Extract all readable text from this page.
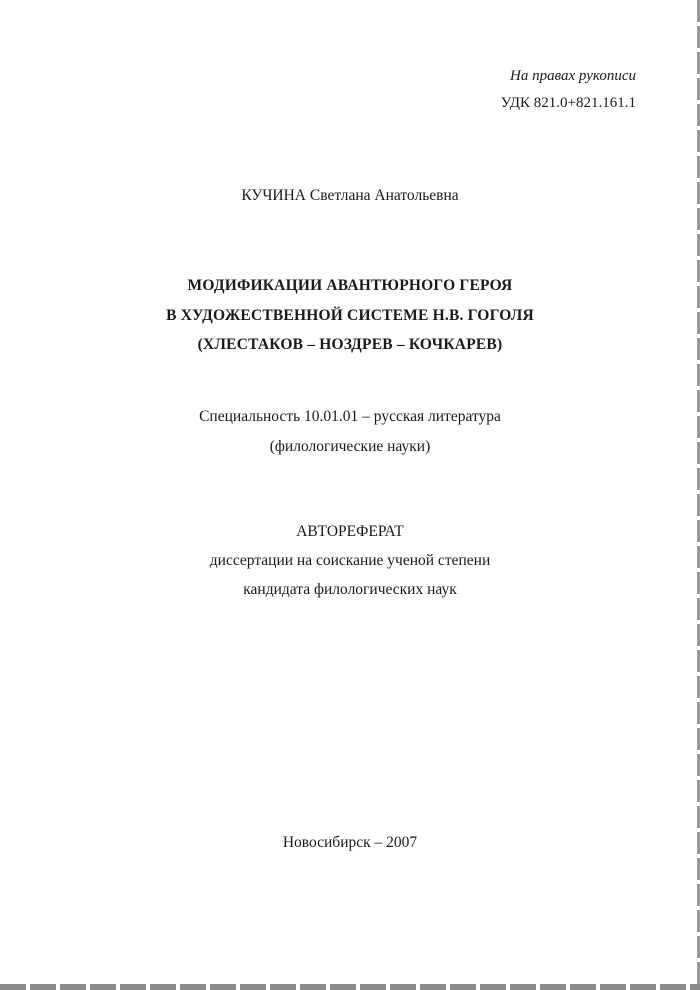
На правах рукописи
УДК 821.0+821.161.1
КУЧИНА Светлана Анатольевна
МОДИФИКАЦИИ АВАНТЮРНОГО ГЕРОЯ
В ХУДОЖЕСТВЕННОЙ СИСТЕМЕ Н.В. ГОГОЛЯ
(ХЛЕСТАКОВ – НОЗДРЕВ – КОЧКАРЕВ)
Специальность 10.01.01 – русская литература
(филологические науки)
АВТОРЕФЕРАТ
диссертации на соискание ученой степени
кандидата филологических наук
Новосибирск – 2007
